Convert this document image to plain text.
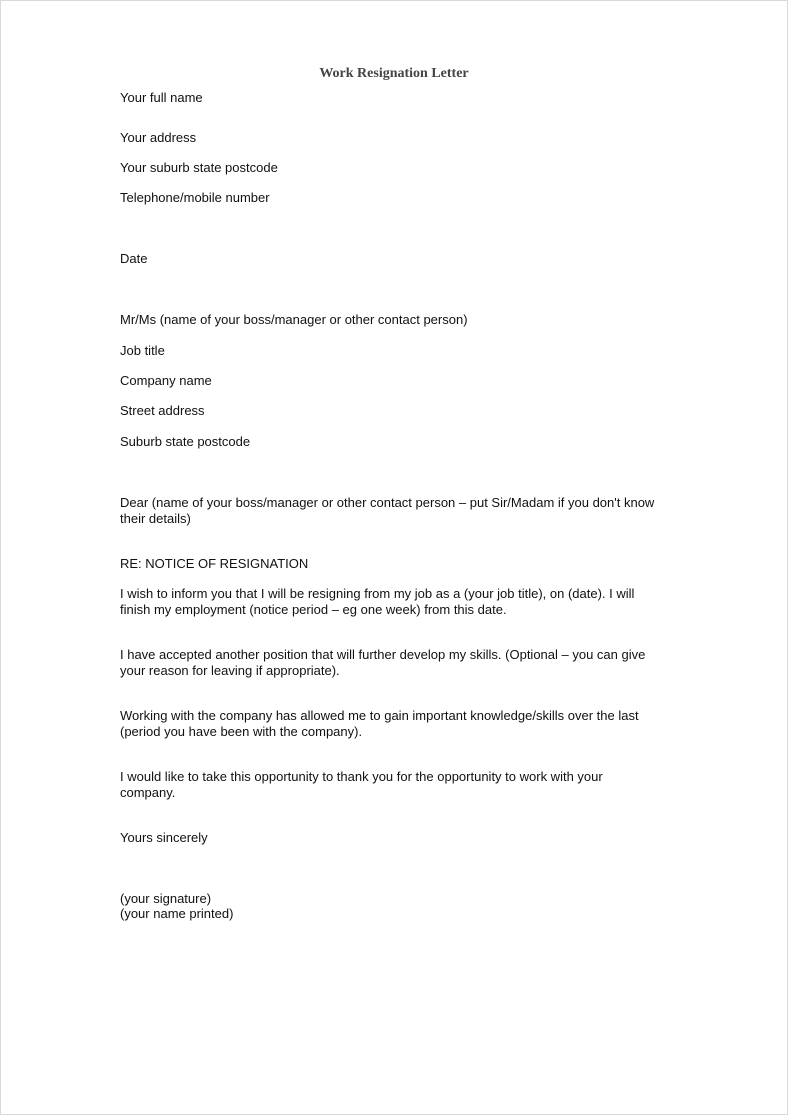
Work Resignation Letter
Your full name
Your address
Your suburb state postcode
Telephone/mobile number
Date
Mr/Ms (name of your boss/manager or other contact person)
Job title
Company name
Street address
Suburb state postcode
Dear (name of your boss/manager or other contact person – put Sir/Madam if you don't know
their details)
RE: NOTICE OF RESIGNATION
I wish to inform you that I will be resigning from my job as a (your job title), on (date). I will
finish my employment (notice period – eg one week) from this date.
I have accepted another position that will further develop my skills. (Optional – you can give
your reason for leaving if appropriate).
Working with the company has allowed me to gain important knowledge/skills over the last
(period you have been with the company).
I would like to take this opportunity to thank you for the opportunity to work with your
company.
Yours sincerely
(your signature)
(your name printed)
